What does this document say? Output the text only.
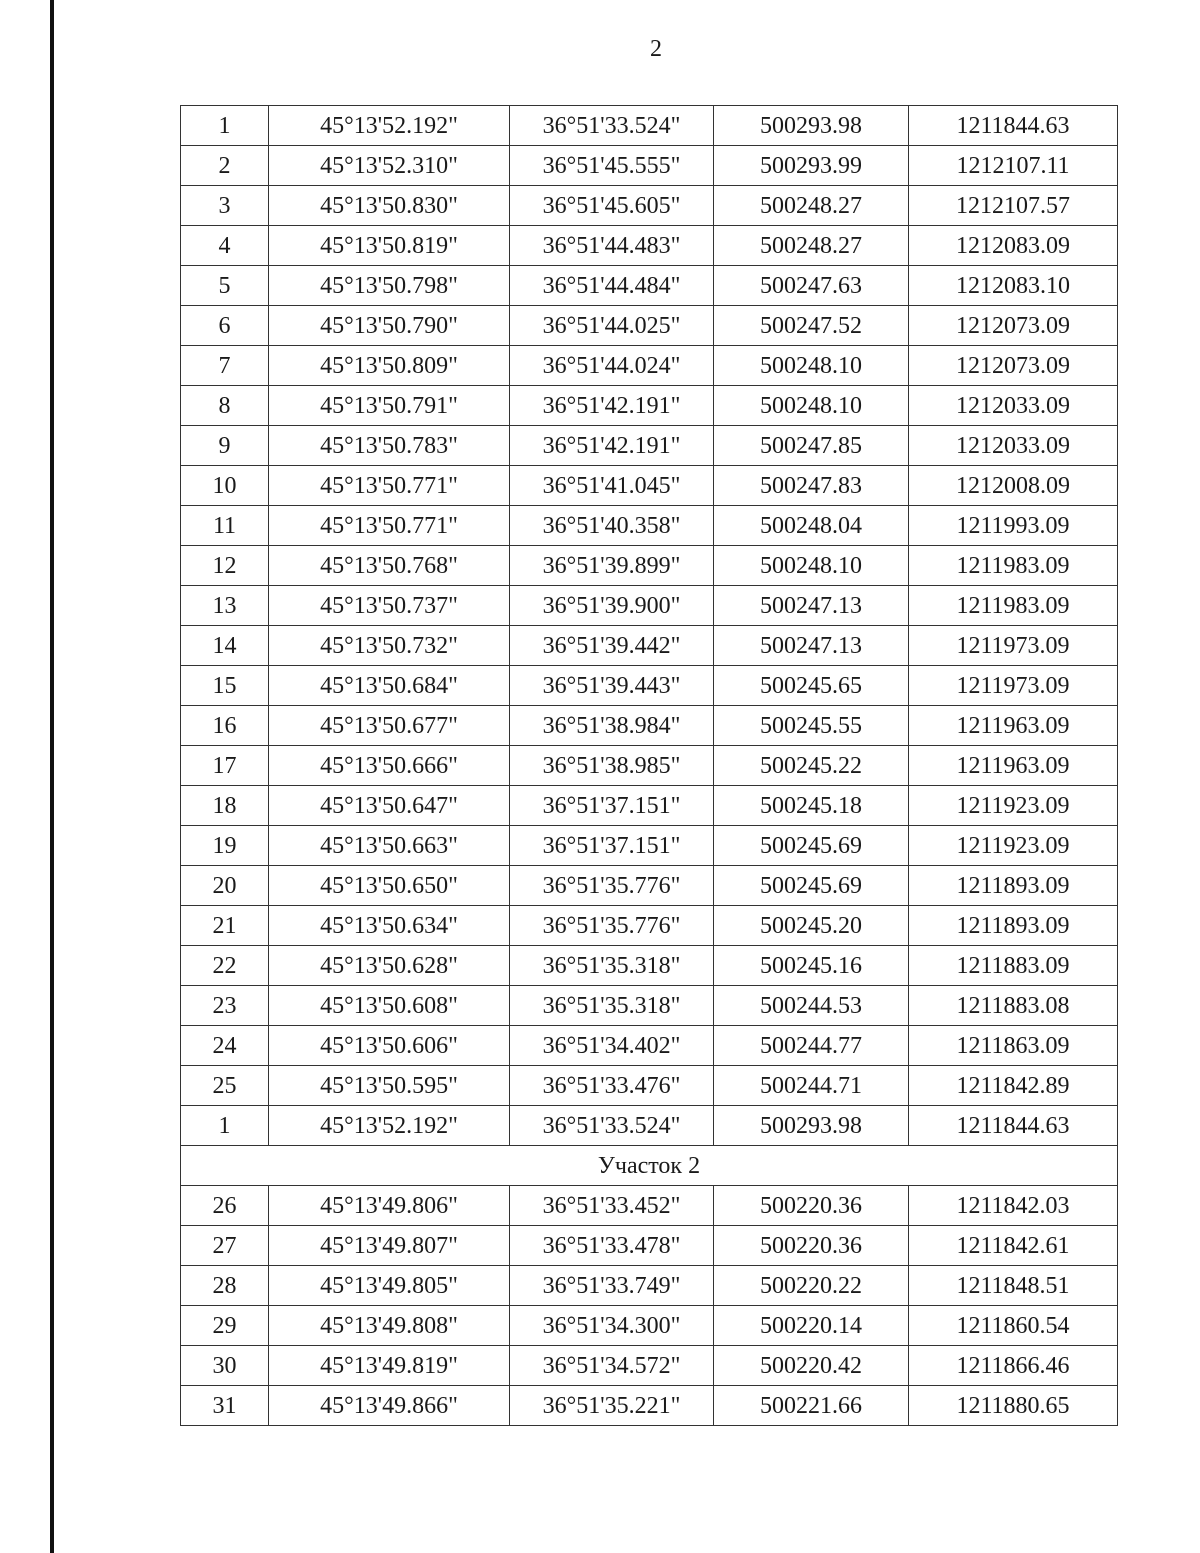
2
1	45°13'52.192"	36°51'33.524"	500293.98	1211844.63
2	45°13'52.310"	36°51'45.555"	500293.99	1212107.11
3	45°13'50.830"	36°51'45.605"	500248.27	1212107.57
4	45°13'50.819"	36°51'44.483"	500248.27	1212083.09
5	45°13'50.798"	36°51'44.484"	500247.63	1212083.10
6	45°13'50.790"	36°51'44.025"	500247.52	1212073.09
7	45°13'50.809"	36°51'44.024"	500248.10	1212073.09
8	45°13'50.791"	36°51'42.191"	500248.10	1212033.09
9	45°13'50.783"	36°51'42.191"	500247.85	1212033.09
10	45°13'50.771"	36°51'41.045"	500247.83	1212008.09
11	45°13'50.771"	36°51'40.358"	500248.04	1211993.09
12	45°13'50.768"	36°51'39.899"	500248.10	1211983.09
13	45°13'50.737"	36°51'39.900"	500247.13	1211983.09
14	45°13'50.732"	36°51'39.442"	500247.13	1211973.09
15	45°13'50.684"	36°51'39.443"	500245.65	1211973.09
16	45°13'50.677"	36°51'38.984"	500245.55	1211963.09
17	45°13'50.666"	36°51'38.985"	500245.22	1211963.09
18	45°13'50.647"	36°51'37.151"	500245.18	1211923.09
19	45°13'50.663"	36°51'37.151"	500245.69	1211923.09
20	45°13'50.650"	36°51'35.776"	500245.69	1211893.09
21	45°13'50.634"	36°51'35.776"	500245.20	1211893.09
22	45°13'50.628"	36°51'35.318"	500245.16	1211883.09
23	45°13'50.608"	36°51'35.318"	500244.53	1211883.08
24	45°13'50.606"	36°51'34.402"	500244.77	1211863.09
25	45°13'50.595"	36°51'33.476"	500244.71	1211842.89
1	45°13'52.192"	36°51'33.524"	500293.98	1211844.63
Участок 2				
26	45°13'49.806"	36°51'33.452"	500220.36	1211842.03
27	45°13'49.807"	36°51'33.478"	500220.36	1211842.61
28	45°13'49.805"	36°51'33.749"	500220.22	1211848.51
29	45°13'49.808"	36°51'34.300"	500220.14	1211860.54
30	45°13'49.819"	36°51'34.572"	500220.42	1211866.46
31	45°13'49.866"	36°51'35.221"	500221.66	1211880.65
